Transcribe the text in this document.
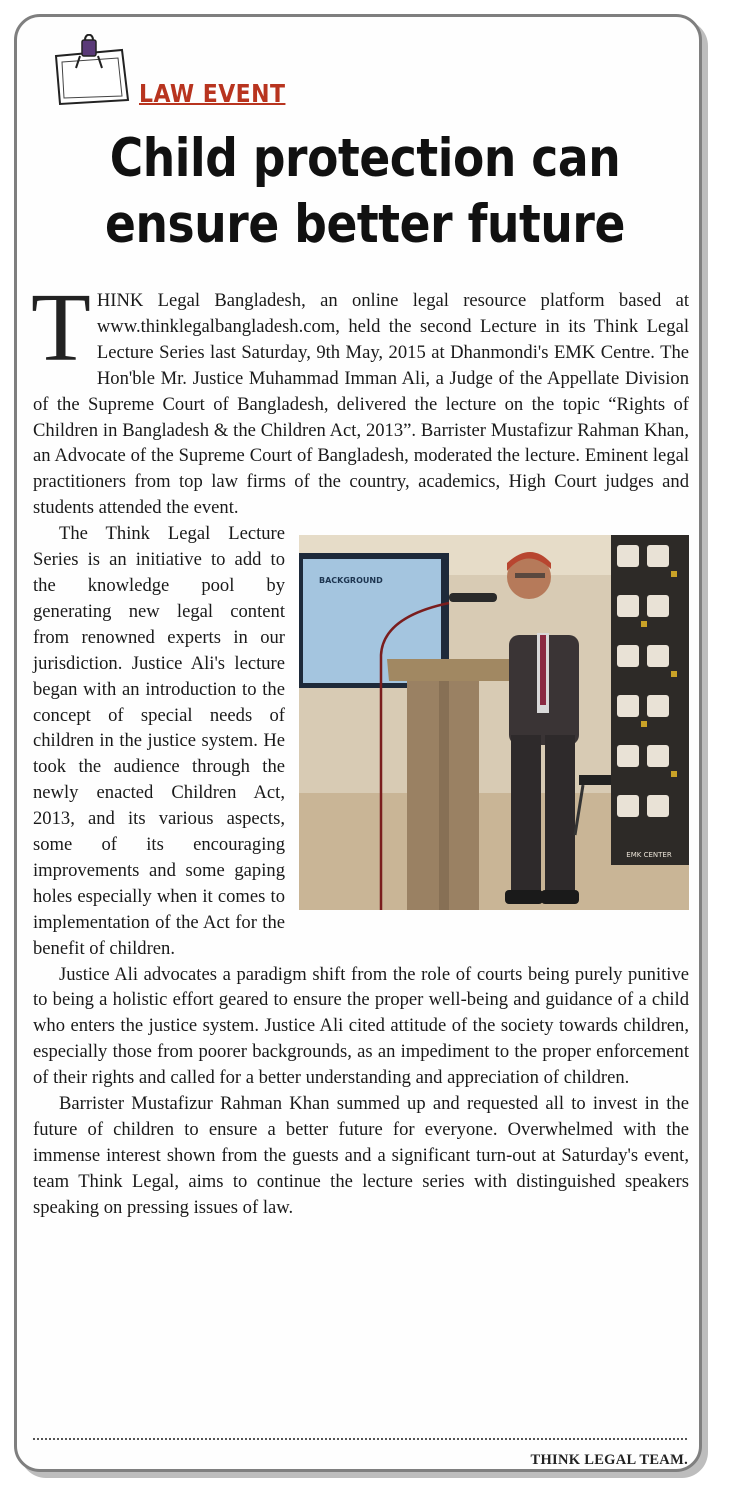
LAW EVENT
Child protection can
ensure better future

THINK Legal Bangladesh, an online legal resource platform based at www.thinklegalbangladesh.com, held the second Lecture in its Think Legal Lecture Series last Saturday, 9th May, 2015 at Dhanmondi's EMK Centre. The Hon'ble Mr. Justice Muhammad Imman Ali, a Judge of the Appellate Division of the Supreme Court of Bangladesh, delivered the lecture on the topic “Rights of Children in Bangladesh & the Children Act, 2013”. Barrister Mustafizur Rahman Khan, an Advocate of the Supreme Court of Bangladesh, moderated the lecture. Eminent legal practitioners from top law firms of the country, academics, High Court judges and students attended the event.

BACKGROUND
EMK CENTER
The Think Legal Lecture Series is an initiative to add to the knowledge pool by generating new legal content from renowned experts in our jurisdiction. Justice Ali's lecture began with an introduction to the concept of special needs of children in the justice system. He took the audience through the newly enacted Children Act, 2013, and its various aspects, some of its encouraging improvements and some gaping holes especially when it comes to implementation of the Act for the benefit of children.

Justice Ali advocates a paradigm shift from the role of courts being purely punitive to being a holistic effort geared to ensure the proper well-being and guidance of a child who enters the justice system. Justice Ali cited attitude of the society towards children, especially those from poorer backgrounds, as an impediment to the proper enforcement of their rights and called for a better understanding and appreciation of children.

Barrister Mustafizur Rahman Khan summed up and requested all to invest in the future of children to ensure a better future for everyone. Overwhelmed with the immense interest shown from the guests and a significant turn-out at Saturday's event, team Think Legal, aims to continue the lecture series with distinguished speakers speaking on pressing issues of law.

THINK LEGAL TEAM.
